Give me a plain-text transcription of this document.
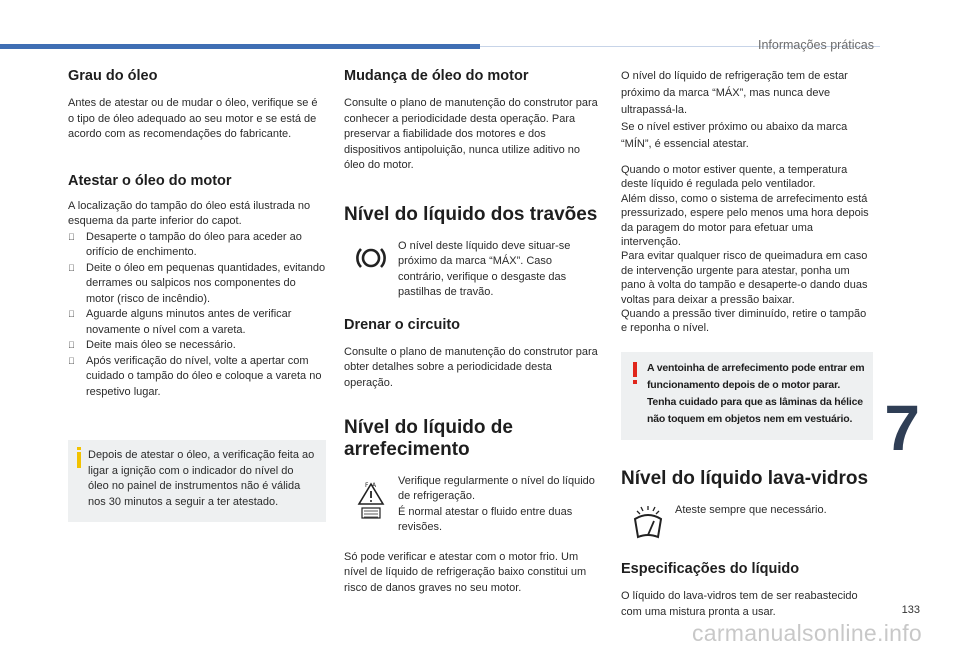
Informações práticas
Grau do óleo

Antes de atestar ou de mudar o óleo, verifique se é o tipo de óleo adequado ao seu motor e se está de acordo com as recomendações do fabricante.

Atestar o óleo do motor

A localização do tampão do óleo está ilustrada no esquema da parte inferior do capot.

Desaperte o tampão do óleo para aceder ao orifício de enchimento.
Deite o óleo em pequenas quantidades, evitando derrames ou salpicos nos componentes do motor (risco de incêndio).
Aguarde alguns minutos antes de verificar novamente o nível com a vareta.
Deite mais óleo se necessário.
Após verificação do nível, volte a apertar com cuidado o tampão do óleo e coloque a vareta no respetivo lugar.

Depois de atestar o óleo, a verificação feita ao ligar a ignição com o indicador do nível do óleo no painel de instrumentos não é válida nos 30 minutos a seguir a ter atestado.

Mudança de óleo do motor

Consulte o plano de manutenção do construtor para conhecer a periodicidade desta operação. Para preservar a fiabilidade dos motores e dos dispositivos antipoluição, nunca utilize aditivo no óleo do motor.

Nível do líquido dos travões

O nível deste líquido deve situar-se próximo da marca “MÁX”. Caso contrário, verifique o desgaste das pastilhas de travão.

Drenar o circuito

Consulte o plano de manutenção do construtor para obter detalhes sobre a periodicidade desta operação.

Nível do líquido de arrefecimento
F A Verifique regularmente o nível do líquido de refrigeração.
É normal atestar o fluido entre duas revisões.

Só pode verificar e atestar com o motor frio. Um nível de líquido de refrigeração baixo constitui um risco de danos graves no seu motor.

O nível do líquido de refrigeração tem de estar próximo da marca “MÁX”, mas nunca deve ultrapassá-la.
Se o nível estiver próximo ou abaixo da marca “MÍN”, é essencial atestar.

Quando o motor estiver quente, a temperatura deste líquido é regulada pelo ventilador.
Além disso, como o sistema de arrefecimento está pressurizado, espere pelo menos uma hora depois da paragem do motor para efetuar uma intervenção.
Para evitar qualquer risco de queimadura em caso de intervenção urgente para atestar, ponha um pano à volta do tampão e desaperte-o dando duas voltas para deixar a pressão baixar.
Quando a pressão tiver diminuído, retire o tampão e reponha o nível.

A ventoinha de arrefecimento pode entrar em funcionamento depois de o motor parar. Tenha cuidado para que as lâminas da hélice não toquem em objetos nem em vestuário.

Nível do líquido lava-vidros

Ateste sempre que necessário.

Especificações do líquido

O líquido do lava-vidros tem de ser reabastecido com uma mistura pronta a usar.

7
133
carmanualsonline.info
